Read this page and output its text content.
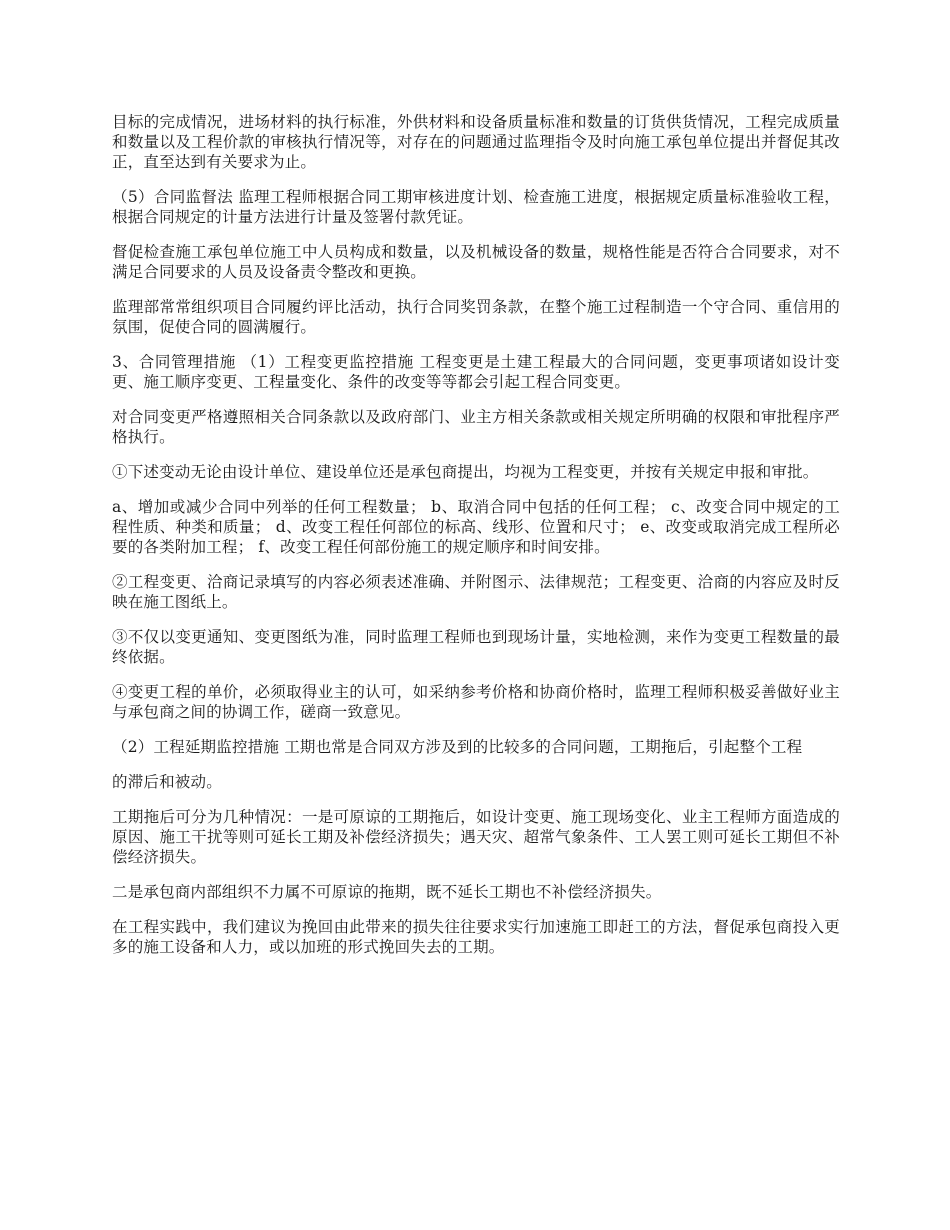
目标的完成情况，进场材料的执行标准，外供材料和设备质量标准和数量的订货供货情况，工程完成质量和数量以及工程价款的审核执行情况等，对存在的问题通过监理指令及时向施工承包单位提出并督促其改正，直至达到有关要求为止。

（5）合同监督法 监理工程师根据合同工期审核进度计划、检查施工进度，根据规定质量标准验收工程，根据合同规定的计量方法进行计量及签署付款凭证。

督促检查施工承包单位施工中人员构成和数量，以及机械设备的数量，规格性能是否符合合同要求，对不满足合同要求的人员及设备责令整改和更换。

监理部常常组织项目合同履约评比活动，执行合同奖罚条款，在整个施工过程制造一个守合同、重信用的氛围，促使合同的圆满履行。

3、合同管理措施 （1）工程变更监控措施 工程变更是土建工程最大的合同问题，变更事项诸如设计变更、施工顺序变更、工程量变化、条件的改变等等都会引起工程合同变更。

对合同变更严格遵照相关合同条款以及政府部门、业主方相关条款或相关规定所明确的权限和审批程序严格执行。

①下述变动无论由设计单位、建设单位还是承包商提出，均视为工程变更，并按有关规定申报和审批。

a、增加或减少合同中列举的任何工程数量； b、取消合同中包括的任何工程； c、改变合同中规定的工程性质、种类和质量； d、改变工程任何部位的标高、线形、位置和尺寸； e、改变或取消完成工程所必要的各类附加工程； f、改变工程任何部份施工的规定顺序和时间安排。

②工程变更、洽商记录填写的内容必须表述准确、并附图示、法律规范；工程变更、洽商的内容应及时反映在施工图纸上。

③不仅以变更通知、变更图纸为准，同时监理工程师也到现场计量，实地检测，来作为变更工程数量的最终依据。

④变更工程的单价，必须取得业主的认可，如采纳参考价格和协商价格时，监理工程师积极妥善做好业主与承包商之间的协调工作，磋商一致意见。

（2）工程延期监控措施 工期也常是合同双方涉及到的比较多的合同问题，工期拖后，引起整个工程

的滞后和被动。

工期拖后可分为几种情况：一是可原谅的工期拖后，如设计变更、施工现场变化、业主工程师方面造成的原因、施工干扰等则可延长工期及补偿经济损失；遇天灾、超常气象条件、工人罢工则可延长工期但不补偿经济损失。

二是承包商内部组织不力属不可原谅的拖期，既不延长工期也不补偿经济损失。

在工程实践中，我们建议为挽回由此带来的损失往往要求实行加速施工即赶工的方法，督促承包商投入更多的施工设备和人力，或以加班的形式挽回失去的工期。
